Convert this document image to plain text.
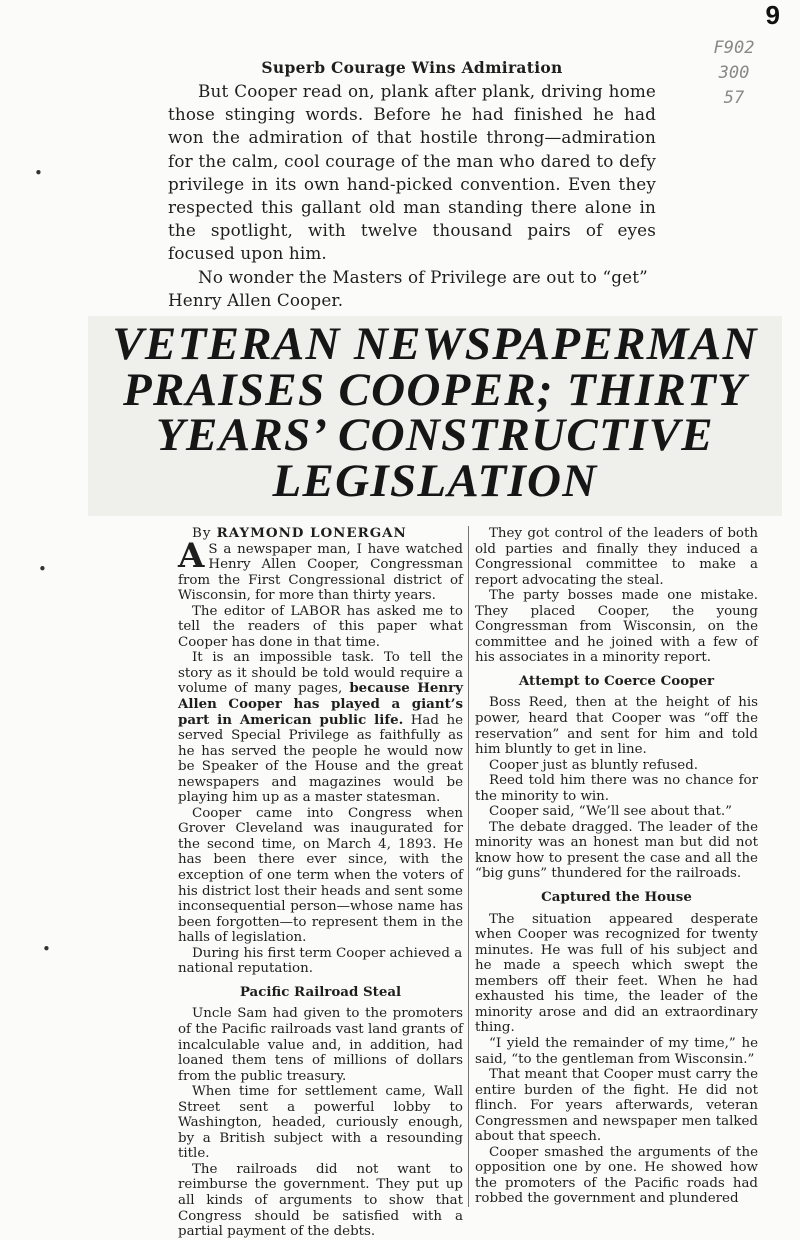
9
F902
300
57
•
•
•
Superb Courage Wins Admiration

But Cooper read on, plank after plank, driving home those stinging words. Before he had finished he had won the admiration of that hostile throng—admiration for the calm, cool courage of the man who dared to defy privilege in its own hand-picked convention. Even they respected this gallant old man standing there alone in the spotlight, with twelve thousand pairs of eyes focused upon him.

No wonder the Masters of Privilege are out to “get” Henry Allen Cooper.

VETERAN NEWSPAPERMAN
PRAISES COOPER; THIRTY
YEARS’ CONSTRUCTIVE
LEGISLATION

By RAYMOND LONERGAN

A S a newspaper man, I have watched Henry Allen Cooper, Congressman from the First Congressional district of Wisconsin, for more than thirty years.

The editor of LABOR has asked me to tell the readers of this paper what Cooper has done in that time.

It is an impossible task. To tell the story as it should be told would require a volume of many pages, because Henry Allen Cooper has played a giant’s part in American public life. Had he served Special Privilege as faithfully as he has served the people he would now be Speaker of the House and the great newspapers and magazines would be playing him up as a master statesman.

Cooper came into Congress when Grover Cleveland was inaugurated for the second time, on March 4, 1893. He has been there ever since, with the exception of one term when the voters of his district lost their heads and sent some inconsequential person—whose name has been forgotten—to represent them in the halls of legislation.

During his first term Cooper achieved a national reputation.

Pacific Railroad Steal

Uncle Sam had given to the promoters of the Pacific railroads vast land grants of incalculable value and, in addition, had loaned them tens of millions of dollars from the public treasury.

When time for settlement came, Wall Street sent a powerful lobby to Washington, headed, curiously enough, by a British subject with a resounding title.

The railroads did not want to reimburse the government. They put up all kinds of arguments to show that Congress should be satisfied with a partial payment of the debts.

They got control of the leaders of both old parties and finally they induced a Congressional committee to make a report advocating the steal.

The party bosses made one mistake. They placed Cooper, the young Congressman from Wisconsin, on the committee and he joined with a few of his associates in a minority report.

Attempt to Coerce Cooper

Boss Reed, then at the height of his power, heard that Cooper was “off the reservation” and sent for him and told him bluntly to get in line.

Cooper just as bluntly refused.

Reed told him there was no chance for the minority to win.

Cooper said, “We’ll see about that.”

The debate dragged. The leader of the minority was an honest man but did not know how to present the case and all the “big guns” thundered for the railroads.

Captured the House

The situation appeared desperate when Cooper was recognized for twenty minutes. He was full of his subject and he made a speech which swept the members off their feet. When he had exhausted his time, the leader of the minority arose and did an extraordinary thing.

“I yield the remainder of my time,” he said, “to the gentleman from Wisconsin.”

That meant that Cooper must carry the entire burden of the fight. He did not flinch. For years afterwards, veteran Congressmen and newspaper men talked about that speech.

Cooper smashed the arguments of the opposition one by one. He showed how the promoters of the Pacific roads had robbed the government and plundered
